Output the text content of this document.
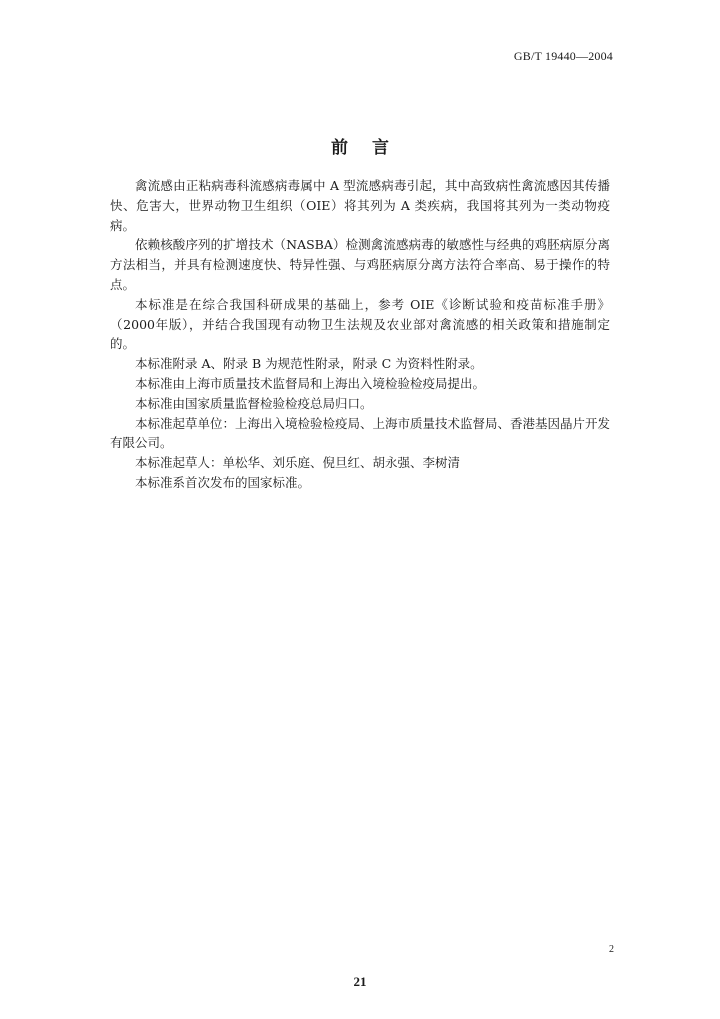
GB/T 19440—2004
前言

禽流感由正粘病毒科流感病毒属中 A 型流感病毒引起，其中高致病性禽流感因其传播快、危害大，世界动物卫生组织（OIE）将其列为 A 类疾病，我国将其列为一类动物疫病。

依赖核酸序列的扩增技术（NASBA）检测禽流感病毒的敏感性与经典的鸡胚病原分离方法相当，并具有检测速度快、特异性强、与鸡胚病原分离方法符合率高、易于操作的特点。

本标准是在综合我国科研成果的基础上，参考 OIE《诊断试验和疫苗标准手册》（2000年版），并结合我国现有动物卫生法规及农业部对禽流感的相关政策和措施制定的。

本标准附录 A、附录 B 为规范性附录，附录 C 为资料性附录。

本标准由上海市质量技术监督局和上海出入境检验检疫局提出。

本标准由国家质量监督检验检疫总局归口。

本标准起草单位：上海出入境检验检疫局、上海市质量技术监督局、香港基因晶片开发有限公司。

本标准起草人：单松华、刘乐庭、倪旦红、胡永强、李树清

本标准系首次发布的国家标准。

2
21
